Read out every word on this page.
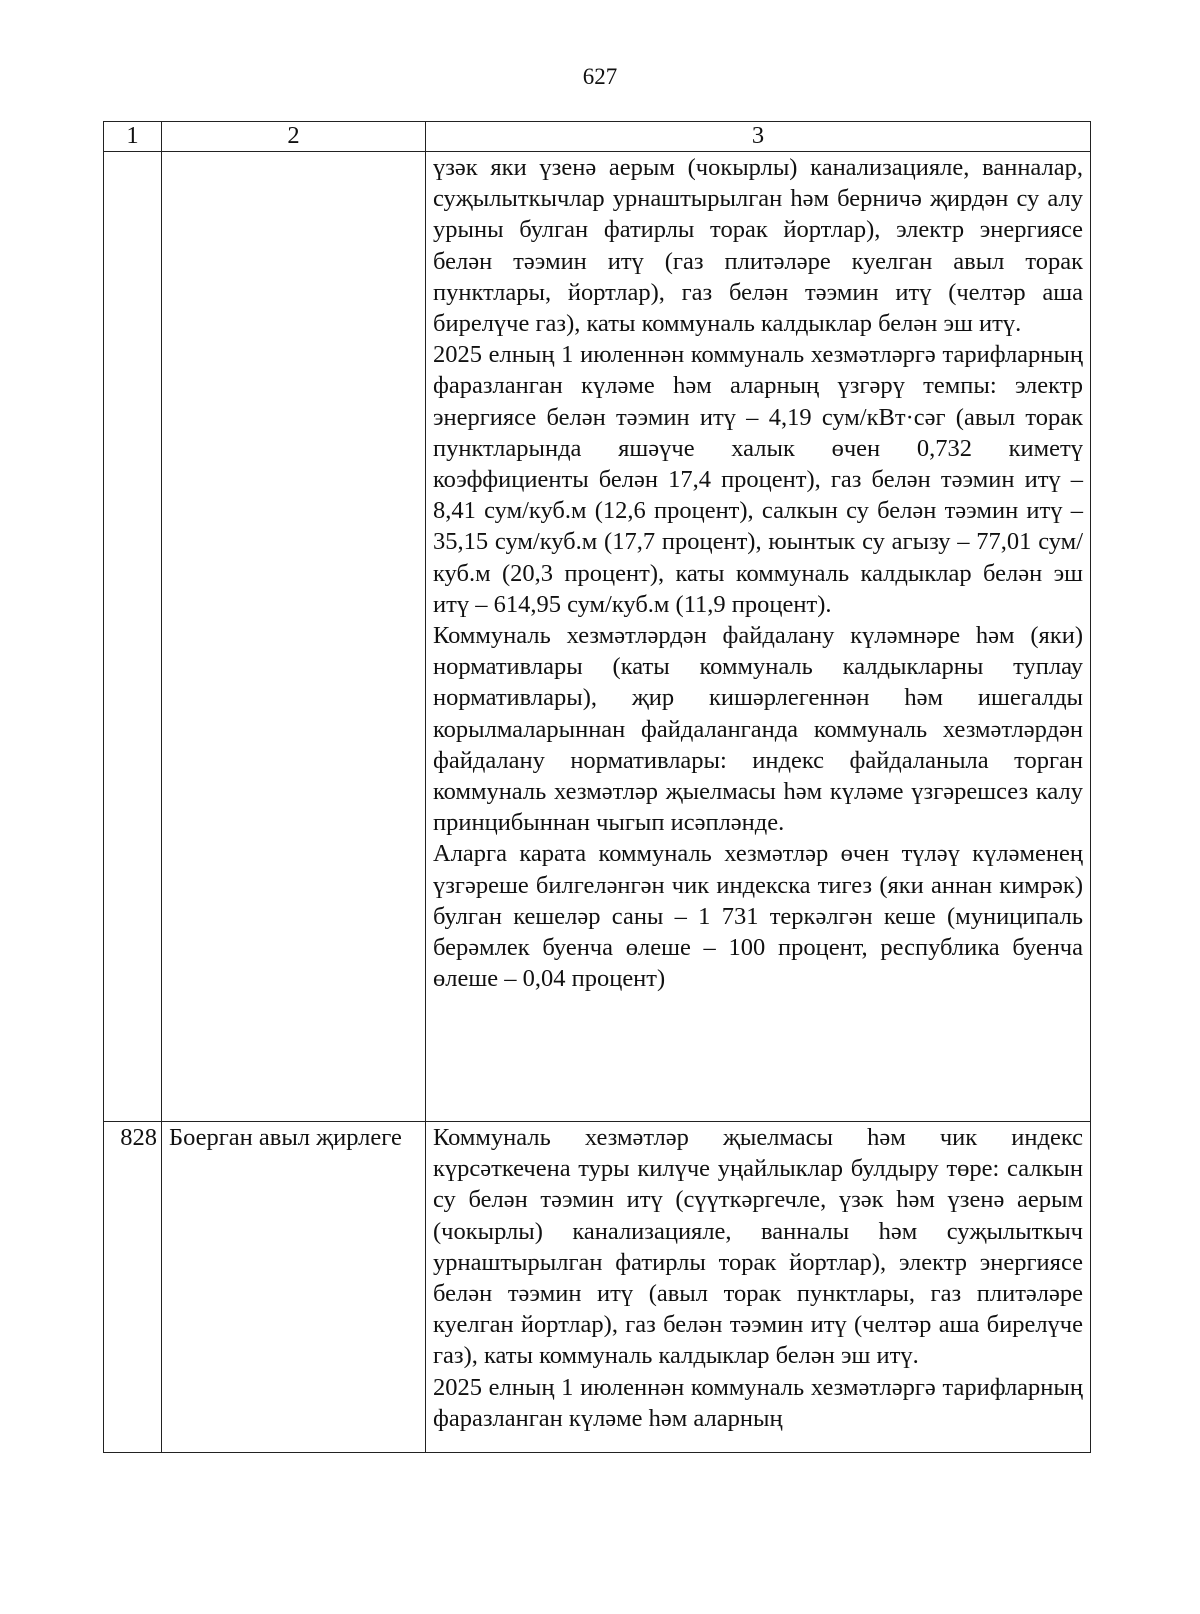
627
1	2	3

		үзәк яки үзенә аерым (чокырлы) канализацияле, ванналар, суҗылыткычлар урнаштырылган һәм берничә җирдән су алу урыны булган фатирлы торак йортлар), электр энергиясе белән тәэмин итү (газ плитәләре куелган авыл торак пунктлары, йортлар), газ белән тәэмин итү (челтәр аша бирелүче газ), каты коммуналь калдыклар белән эш итү.

2025 елның 1 июленнән коммуналь хезмәтләргә тарифларның фаразланган күләме һәм аларның үзгәрү темпы: электр энергиясе белән тәэмин итү – 4,19 сум/кВт·сәг (авыл торак пунктларында яшәүче халык өчен 0,732 киметү коэффициенты белән 17,4 процент), газ белән тәэмин итү – 8,41 сум/куб.м (12,6 процент), салкын су белән тәэмин итү – 35,15 сум/куб.м (17,7 процент), юынтык су агызу – 77,01 сум/куб.м (20,3 процент), каты коммуналь калдыклар белән эш итү – 614,95 сум/куб.м (11,9 процент).

Коммуналь хезмәтләрдән файдалану күләмнәре һәм (яки) нормативлары (каты коммуналь калдыкларны туплау нормативлары), җир кишәрлегеннән һәм ишегалды корылмаларыннан файдаланганда коммуналь хезмәтләрдән файдалану нормативлары: индекс файдаланыла торган коммуналь хезмәтләр җыелмасы һәм күләме үзгәрешсез калу принцибыннан чыгып исәпләнде.

Аларга карата коммуналь хезмәтләр өчен түләү күләменең үзгәреше билгеләнгән чик индекска тигез (яки аннан кимрәк) булган кешеләр саны – 1 731 теркәлгән кеше (муниципаль берәмлек буенча өлеше – 100 процент, республика буенча өлеше – 0,04 процент)

828	Боерган авыл җирлеге	Коммуналь хезмәтләр җыелмасы һәм чик индекс күрсәткечена туры килүче уңайлыклар булдыру төре: салкын су белән тәэмин итү (сүүткәргечле, үзәк һәм үзенә аерым (чокырлы) канализацияле, ванналы һәм суҗылыткыч урнаштырылган фатирлы торак йортлар), электр энергиясе белән тәэмин итү (авыл торак пунктлары, газ плитәләре куелган йортлар), газ белән тәэмин итү (челтәр аша бирелүче газ), каты коммуналь калдыклар белән эш итү.

2025 елның 1 июленнән коммуналь хезмәтләргә тарифларның фаразланган күләме һәм аларның
